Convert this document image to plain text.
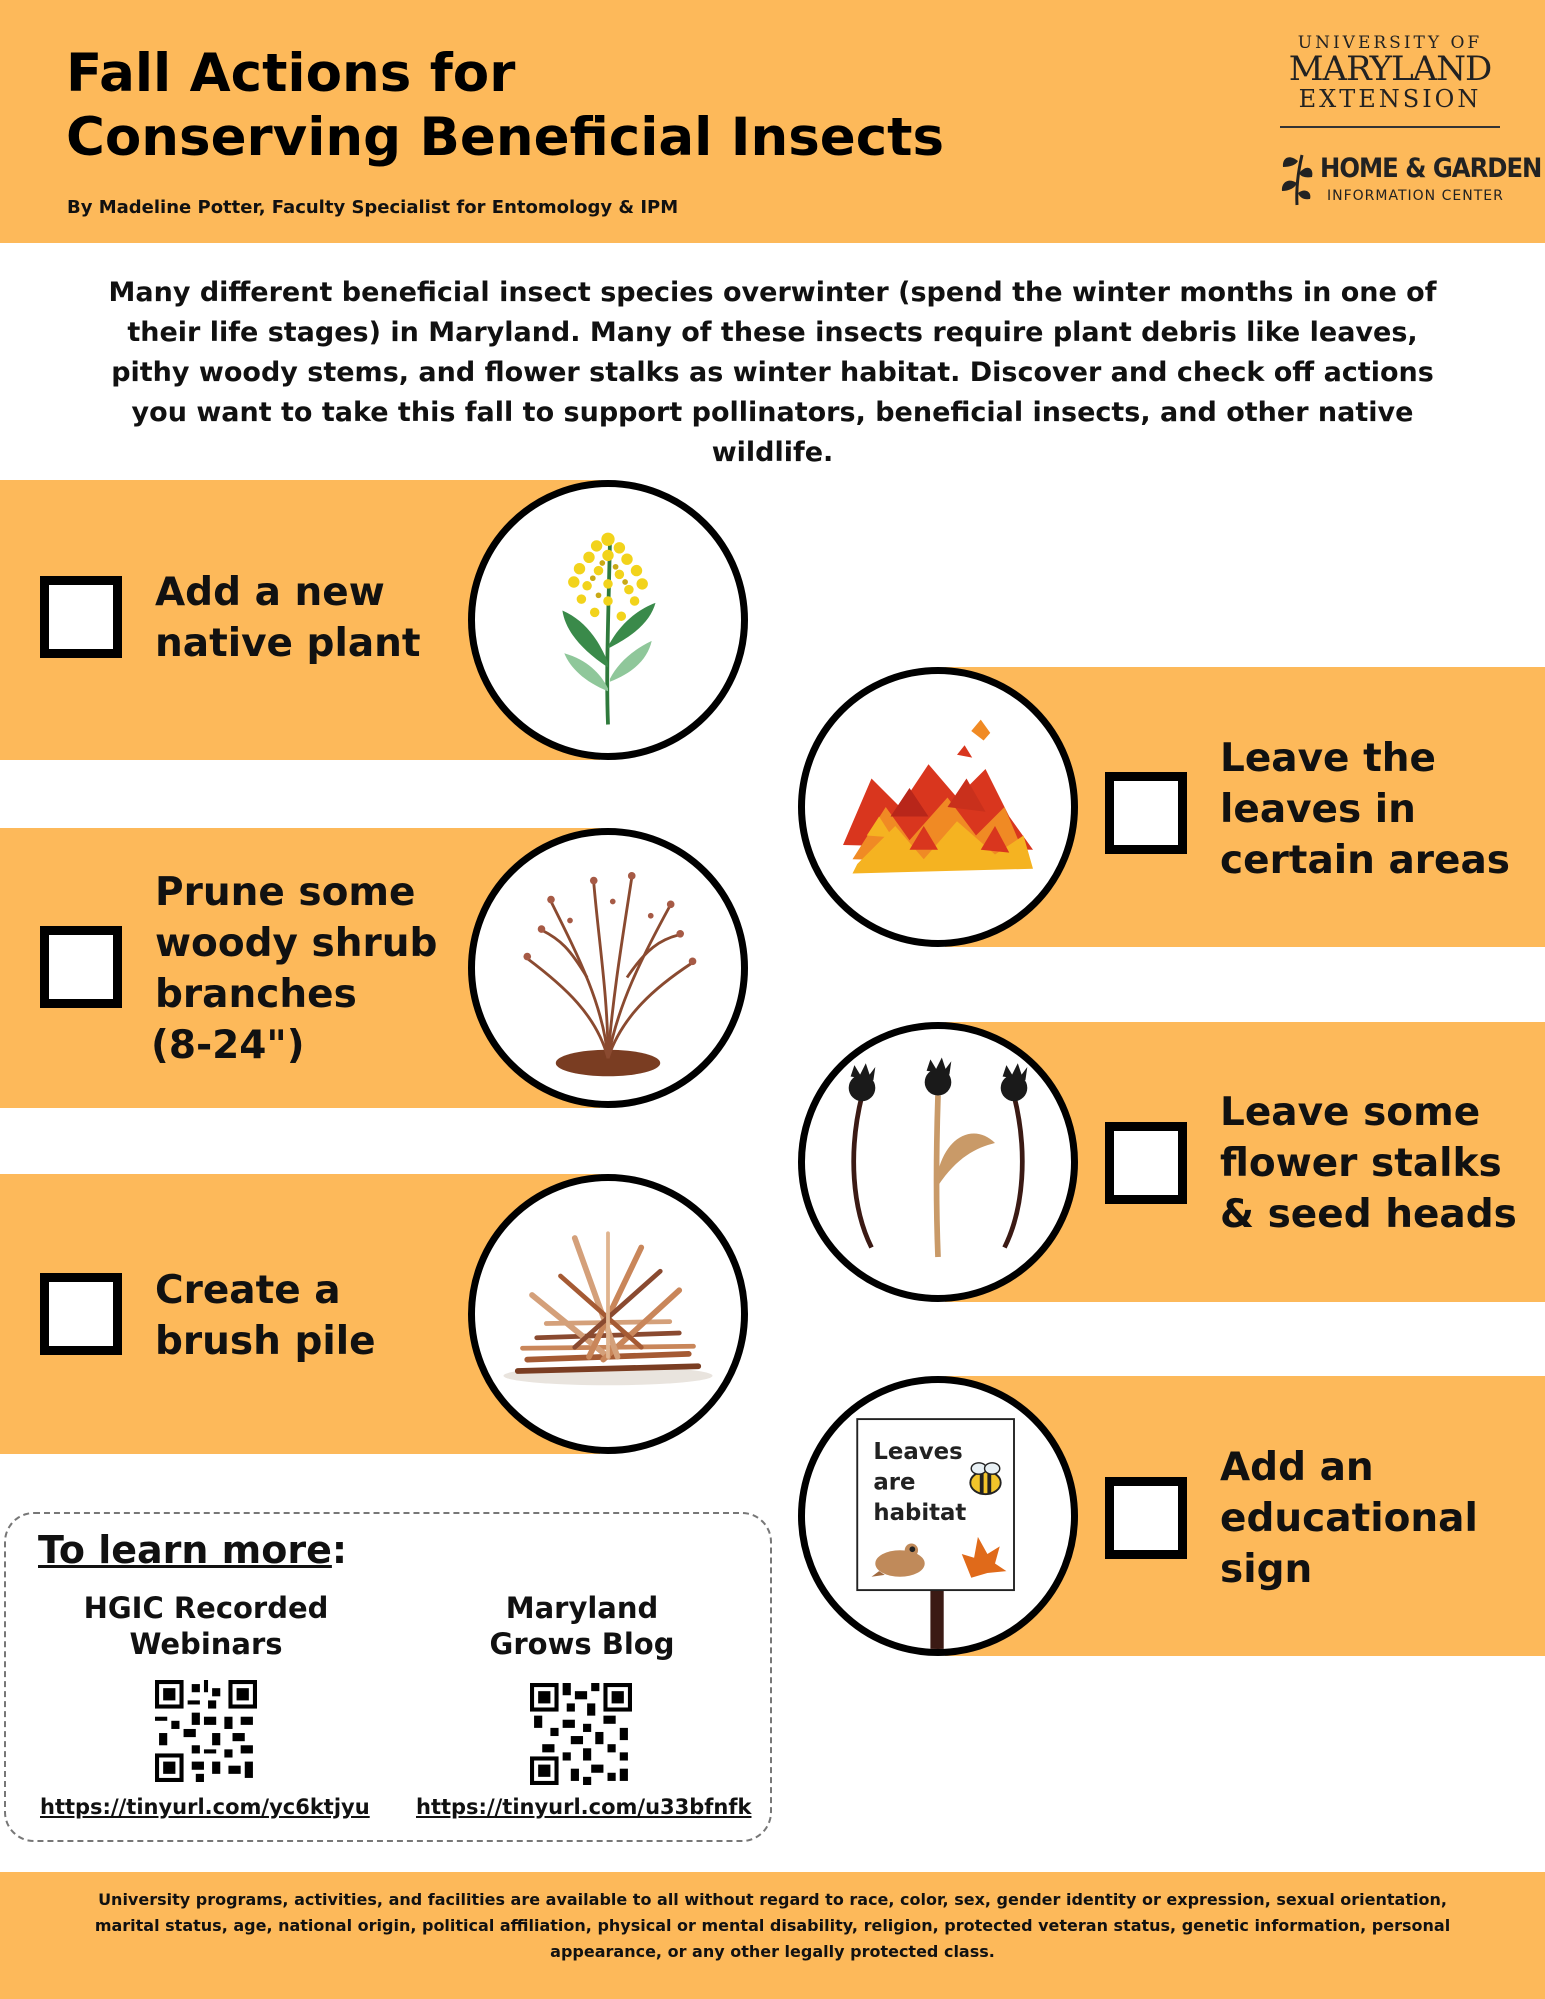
Fall Actions for
Conserving Beneficial Insects
By Madeline Potter, Faculty Specialist for Entomology & IPM
UNIVERSITY OF
MARYLAND
EXTENSION
HOME & GARDEN
INFORMATION CENTER
Many different beneficial insect species overwinter (spend the winter months in one of their life stages) in Maryland. Many of these insects require plant debris like leaves, pithy woody stems, and flower stalks as winter habitat. Discover and check off actions you want to take this fall to support pollinators, beneficial insects, and other native wildlife.
Add a new
native plant
Leave the
leaves in
certain areas
Prune some
woody shrub
branches
(8-24")
Leave some
flower stalks
& seed heads
Create a
brush pile
Leaves
are
habitat
Add an
educational
sign
To learn more:
HGIC Recorded
Webinars
https://tinyurl.com/yc6ktjyu
Maryland
Grows Blog
https://tinyurl.com/u33bfnfk
University programs, activities, and facilities are available to all without regard to race, color, sex, gender identity or expression, sexual orientation, marital status, age, national origin, political affiliation, physical or mental disability, religion, protected veteran status, genetic information, personal appearance, or any other legally protected class.
